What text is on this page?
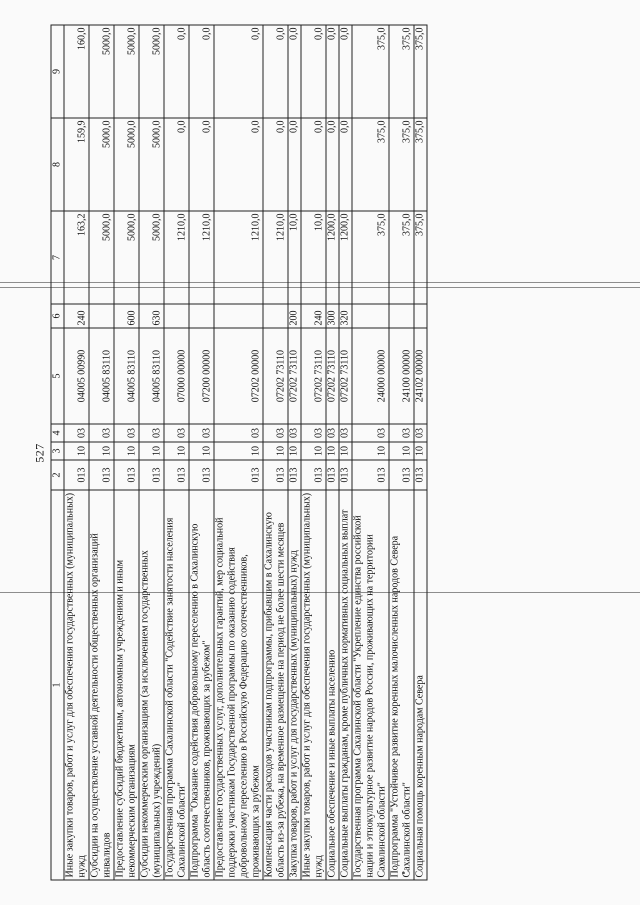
527
1	2	3	4	5	6	7	8	9
Иные закупки товаров, работ и услуг для обеспечения государственных (муниципальных) нужд	013	10	03	04005 00990	240	163,2	159,9	160,0
Субсидии на осуществление уставной деятельности общественных организаций инвалидов	013	10	03	04005 83110		5000,0	5000,0	5000,0
Предоставление субсидий бюджетным, автономным учреждениям и иным некоммерческим организациям	013	10	03	04005 83110	600	5000,0	5000,0	5000,0
Субсидии некоммерческим организациям (за исключением государственных (муниципальных) учреждений)	013	10	03	04005 83110	630	5000,0	5000,0	5000,0
Государственная программа Сахалинской области "Содействие занятости населения Сахалинской области"	013	10	03	07000 00000		1210,0	0,0	0,0
Подпрограмма "Оказание содействия добровольному переселению в Сахалинскую область соотечественников, проживающих за рубежом"	013	10	03	07200 00000		1210,0	0,0	0,0
Предоставление государственных услуг, дополнительных гарантий, мер социальной поддержки участникам Государственной программы по оказанию содействия добровольному переселению в Российскую Федерацию соотечественников, проживающих за рубежом	013	10	03	07202 00000		1210,0	0,0	0,0
Компенсация части расходов участникам подпрограммы, прибывшим в Сахалинскую область из-за рубежа, на временное размещение на период не более шести месяцев	013	10	03	07202 73110		1210,0	0,0	0,0
Закупка товаров, работ и услуг для государственных (муниципальных) нужд	013	10	03	07202 73110	200	10,0	0,0	0,0
Иные закупки товаров, работ и услуг для обеспечения государственных (муниципальных) нужд	013	10	03	07202 73110	240	10,0	0,0	0,0
Социальное обеспечение и иные выплаты населению	013	10	03	07202 73110	300	1200,0	0,0	0,0
Социальные выплаты гражданам, кроме публичных нормативных социальных выплат	013	10	03	07202 73110	320	1200,0	0,0	0,0
Государственная программа Сахалинской области "Укрепление единства российской нации и этнокультурное развитие народов России, проживающих на территории Сахалинской области"	013	10	03	24000 00000		375,0	375,0	375,0
Подпрограмма "Устойчивое развитие коренных малочисленных народов Севера Сахалинской области"	013	10	03	24100 00000		375,0	375,0	375,0
Социальная помощь коренным народам Севера	013	10	03	24102 00000		375,0	375,0	375,0
